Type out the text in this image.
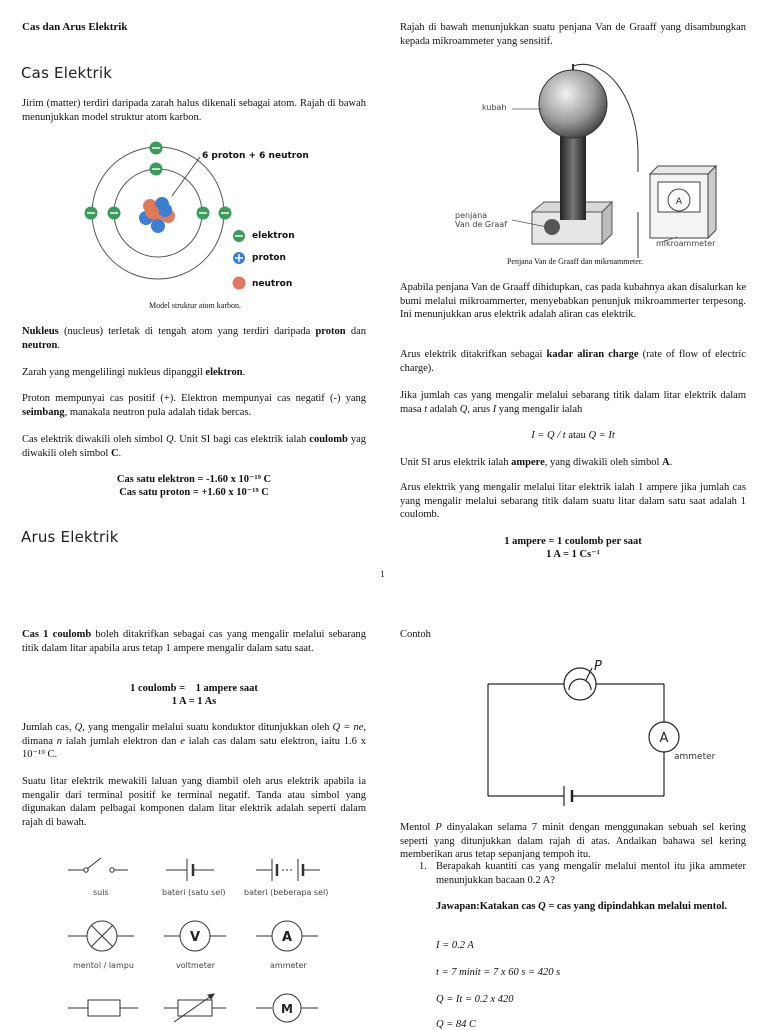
Cas dan Arus Elektrik
Cas Elektrik
Jirim (matter) terdiri daripada zarah halus dikenali sebagai atom. Rajah di bawah menunjukkan model struktur atom karbon.
6 proton + 6 neutron
elektron
proton
neutron
Model struktur atom karbon.
Nukleus (nucleus) terletak di tengah atom yang terdiri daripada proton dan neutron.
Zarah yang mengelilingi nukleus dipanggil elektron.
Proton mempunyai cas positif (+). Elektron mempunyai cas negatif (-) yang seimbang, manakala neutron pula adalah tidak bercas.
Cas elektrik diwakili oleh simbol Q. Unit SI bagi cas elektrik ialah coulomb yag diwakili oleh simbol C.
Cas satu elektron = -1.60 x 10⁻¹⁹ C
Cas satu proton = +1.60 x 10⁻¹⁹ C
Arus Elektrik
Rajah di bawah menunjukkan suatu penjana Van de Graaff yang disambungkan kepada mikroammeter yang sensitif.
A
kubah
penjana
Van de Graaf
mikroammeter
Penjana Van de Graaff dan mikroammeter.
Apabila penjana Van de Graaff dihidupkan, cas pada kubahnya akan disalurkan ke bumi melalui mikroammerter, menyebabkan penunjuk mikroammerter terpesong. Ini menunjukkan arus elektrik adalah aliran cas elektrik.
Arus elektrik ditakrifkan sebagai kadar aliran charge (rate of flow of electric charge).
Jika jumlah cas yang mengalir melalui sebarang titik dalam litar elektrik dalam masa t adalah Q, arus I yang mengalir ialah
I = Q / t atau Q = It
Unit SI arus elektrik ialah ampere, yang diwakili oleh simbol A.
Arus elektrik yang mengalir melalui litar elektrik ialah 1 ampere jika jumlah cas yang mengalir melalui sebarang titik dalam suatu litar dalam satu saat adalah 1 coulomb.
1 ampere = 1 coulomb per saat
1 A = 1 Cs⁻¹
1
Cas 1 coulomb boleh ditakrifkan sebagai cas yang mengalir melalui sebarang titik dalam litar apabila arus tetap 1 ampere mengalir dalam satu saat.
1 coulomb =    1 ampere saat
1 A = 1 As
Jumlah cas, Q, yang mengalir melalui suatu konduktor ditunjukkan oleh Q = ne, dimana n ialah jumlah elektron dan e ialah cas dalam satu elektron, iaitu 1.6 x 10⁻¹⁹ C.
Suatu litar elektrik mewakili laluan yang diambil oleh arus elektrik apabila ia mengalir dari terminal positif ke terminal negatif. Tanda atau simbol yang digunakan dalam pelbagai komponen dalam litar elektrik adalah seperti dalam rajah di bawah.
V	A
M
suis	bateri (satu sel) bateri (beberapa sel)
mentol / lampu	voltmeter	ammeter
Contoh
P
A
ammeter
Mentol P dinyalakan selama 7 minit dengan menggunakan sebuah sel kering seperti yang ditunjukkan dalam rajah di atas. Andaikan bahawa sel kering memberikan arus tetap sepanjang tempoh itu.
1. Berapakah kuantiti cas yang mengalir melalui mentol itu jika ammeter menunjukkan bacaan 0.2 A?
Jawapan:Katakan cas Q = cas yang dipindahkan melalui mentol.
I = 0.2 A
t = 7 minit = 7 x 60 s = 420 s
Q = It = 0.2 x 420
Q = 84 C
